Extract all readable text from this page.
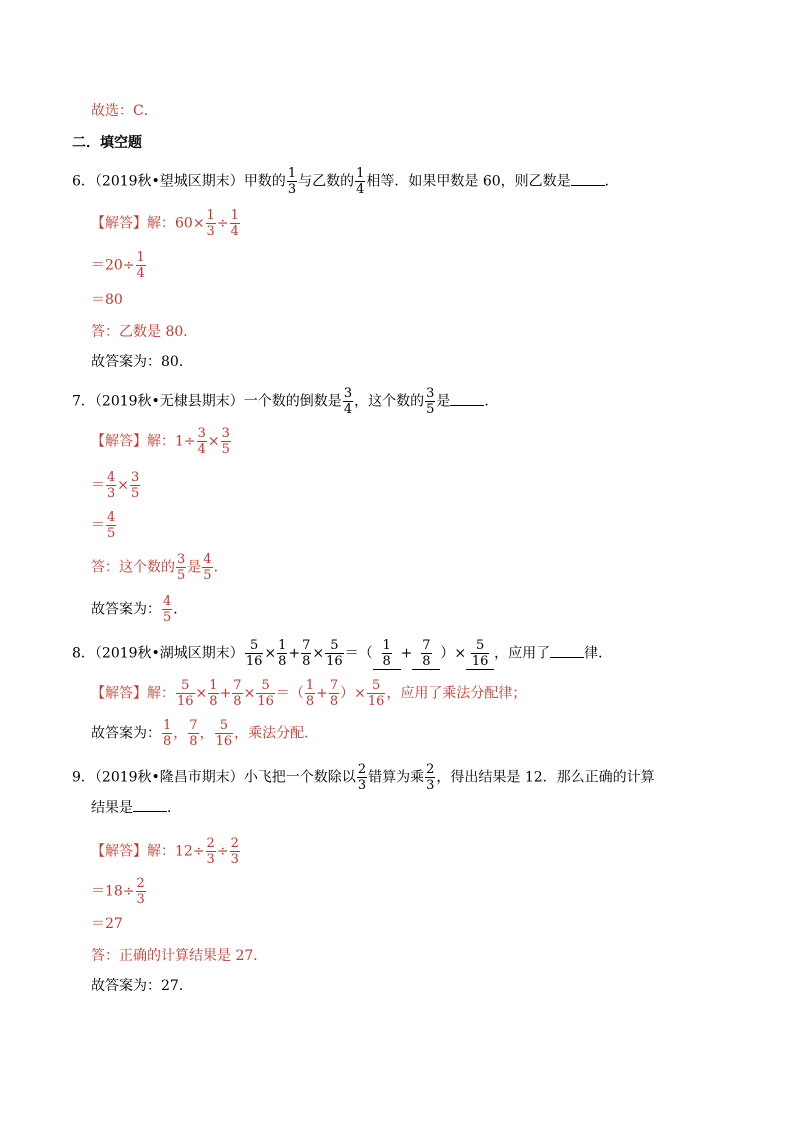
故选：C．
二．填空题
6．（2019秋•望城区期末）甲数的 $\frac{1}{3}$ 与乙数的 $\frac{1}{4}$ 相等．如果甲数是 60，则乙数是 ．
【解答】解：$60\times \frac{1}{3} \div \frac{1}{4}$
$=20\div \frac{1}{4}$
＝80
答：乙数是 80．
故答案为：80．
7．（2019秋•无棣县期末）一个数的倒数是 $\frac{3}{4}$ ，这个数的 $\frac{3}{5}$ 是 ．
【解答】解：$1\div \frac{3}{4} \times \frac{3}{5}$
＝ $\frac{4}{3} \times \frac{3}{5}$
＝ $\frac{4}{5}$
答：这个数的 $\frac{3}{5}$ 是 $\frac{4}{5}$ ．
故答案为： $\frac{4}{5}$ ．
8．（2019秋•湖城区期末） $\frac{5}{16} \times \frac{1}{8} + \frac{7}{8} \times \frac{5}{16}$ ＝（ $\frac{1}{8} + \frac{7}{8}$ ）× $\frac{5}{16}$ ，应用了 律．
【解答】解： $\frac{5}{16} \times \frac{1}{8} + \frac{7}{8} \times \frac{5}{16}$ ＝（ $\frac{1}{8} + \frac{7}{8}$ ）× $\frac{5}{16}$ ，应用了乘法分配律；
故答案为： $\frac{1}{8}$ ， $\frac{7}{8}$ ， $\frac{5}{16}$ ，乘法分配．
9．（2019秋•隆昌市期末）小飞把一个数除以 $\frac{2}{3}$ 错算为乘 $\frac{2}{3}$ ，得出结果是 12．那么正确的计算
结果是 ．
【解答】解：$12\div \frac{2}{3} \div \frac{2}{3}$
$=18\div \frac{2}{3}$
＝27
答：正确的计算结果是 27．
故答案为：27．
